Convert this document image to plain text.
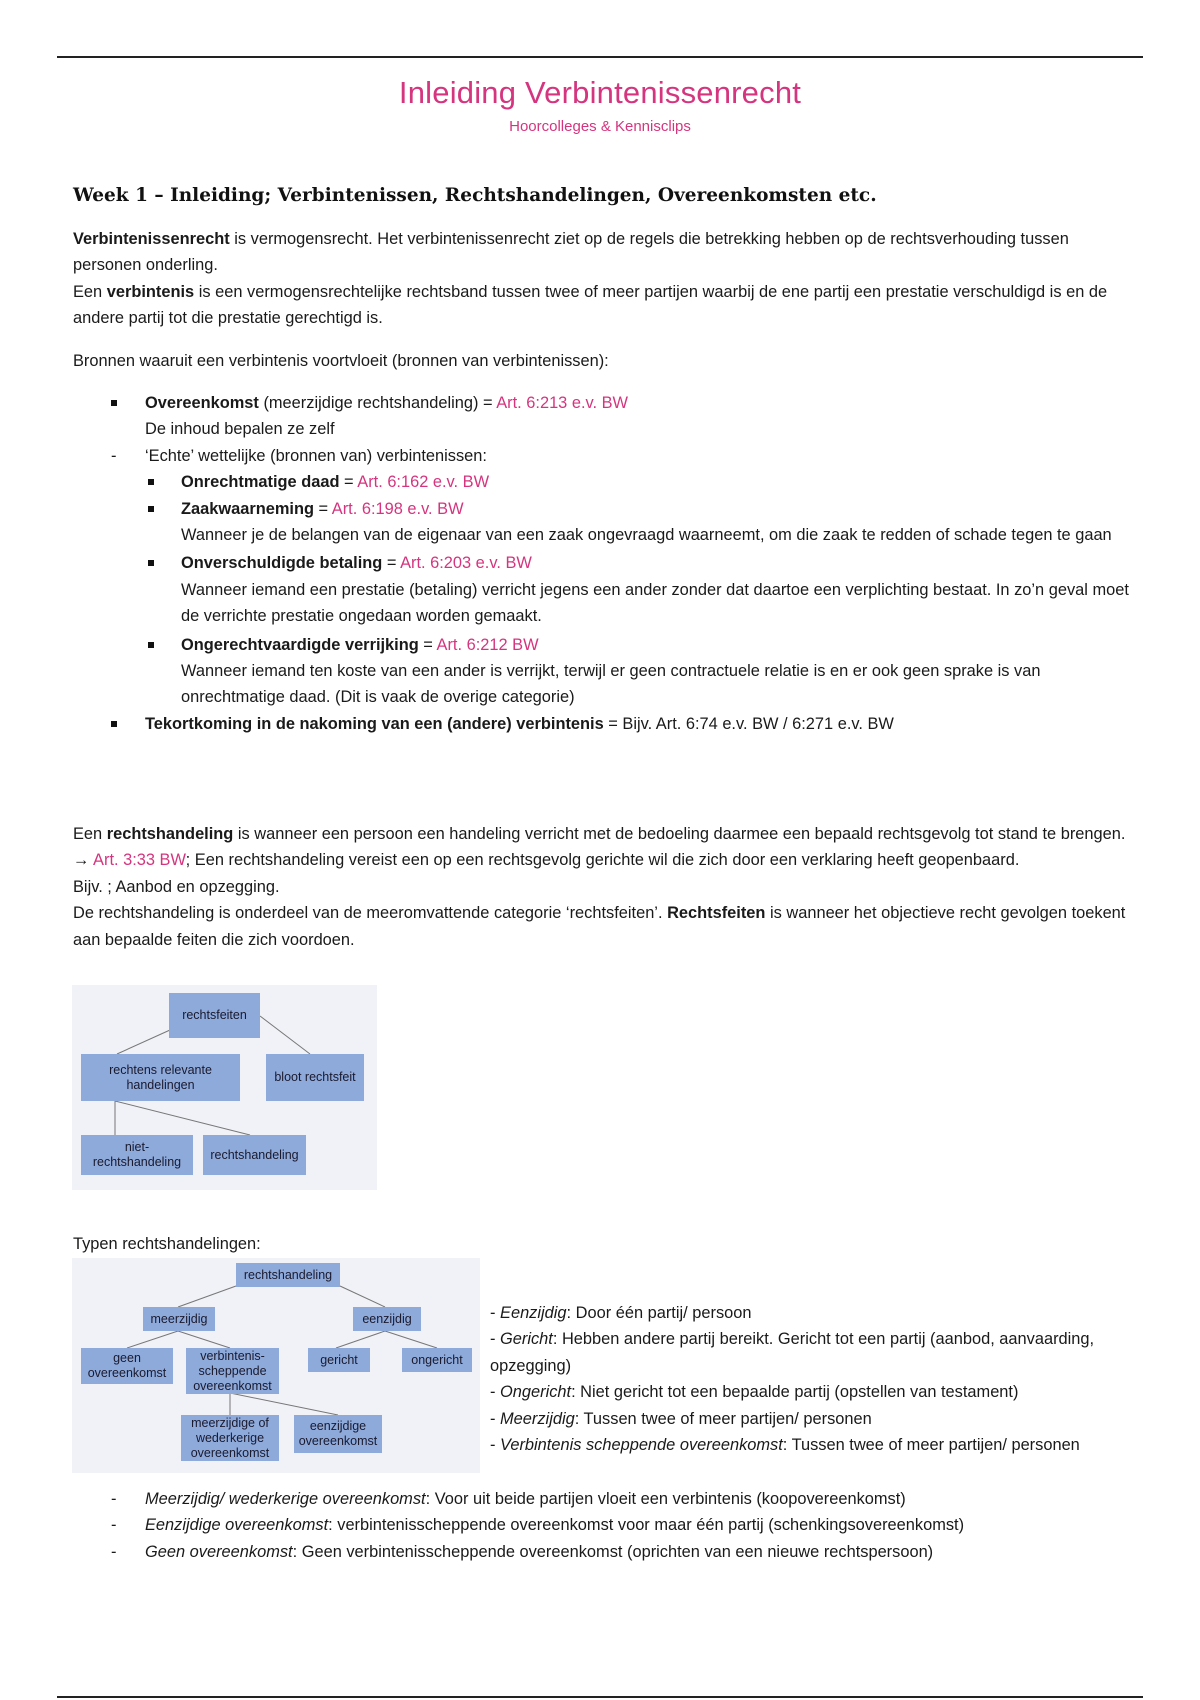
Inleiding Verbintenissenrecht
Hoorcolleges & Kennisclips
Week 1 – Inleiding; Verbintenissen, Rechtshandelingen, Overeenkomsten etc.

Verbintenissenrecht is vermogensrecht. Het verbintenissenrecht ziet op de regels die betrekking hebben op de rechtsverhouding tussen personen onderling.

Een verbintenis is een vermogensrechtelijke rechtsband tussen twee of meer partijen waarbij de ene partij een prestatie verschuldigd is en de andere partij tot die prestatie gerechtigd is.

Bronnen waaruit een verbintenis voortvloeit (bronnen van verbintenissen):

Overeenkomst (meerzijdige rechtshandeling) = Art. 6:213 e.v. BW
De inhoud bepalen ze zelf
- ‘Echte’ wettelijke (bronnen van) verbintenissen:
Onrechtmatige daad = Art. 6:162 e.v. BW
Zaakwaarneming = Art. 6:198 e.v. BW
Wanneer je de belangen van de eigenaar van een zaak ongevraagd waarneemt, om die zaak te redden of schade tegen te gaan
Onverschuldigde betaling = Art. 6:203 e.v. BW
Wanneer iemand een prestatie (betaling) verricht jegens een ander zonder dat daartoe een verplichting bestaat. In zo’n geval moet de verrichte prestatie ongedaan worden gemaakt.
Ongerechtvaardigde verrijking = Art. 6:212 BW
Wanneer iemand ten koste van een ander is verrijkt, terwijl er geen contractuele relatie is en er ook geen sprake is van onrechtmatige daad. (Dit is vaak de overige categorie)
Tekortkoming in de nakoming van een (andere) verbintenis = Bijv. Art. 6:74 e.v. BW / 6:271 e.v. BW

Een rechtshandeling is wanneer een persoon een handeling verricht met de bedoeling daarmee een bepaald rechtsgevolg tot stand te brengen. → Art. 3:33 BW; Een rechtshandeling vereist een op een rechtsgevolg gerichte wil die zich door een verklaring heeft geopenbaard.

Bijv. ; Aanbod en opzegging.

De rechtshandeling is onderdeel van de meeromvattende categorie ‘rechtsfeiten’. Rechtsfeiten is wanneer het objectieve recht gevolgen toekent aan bepaalde feiten die zich voordoen.

rechtsfeiten
rechtens relevante handelingen
bloot rechtsfeit
niet-rechtshandeling
rechtshandeling
Typen rechtshandelingen:
rechtshandeling
meerzijdig	eenzijdig
geen overeenkomst
verbintenis-scheppende overeenkomst
gericht	ongericht
meerzijdige of wederkerige overeenkomst
eenzijdige overeenkomst

- Eenzijdig: Door één partij/ persoon

- Gericht: Hebben andere partij bereikt. Gericht tot een partij (aanbod, aanvaarding, opzegging)

- Ongericht: Niet gericht tot een bepaalde partij (opstellen van testament)

- Meerzijdig: Tussen twee of meer partijen/ personen

- Verbintenis scheppende overeenkomst: Tussen twee of meer partijen/ personen

- Meerzijdig/ wederkerige overeenkomst: Voor uit beide partijen vloeit een verbintenis (koopovereenkomst)
- Eenzijdige overeenkomst: verbintenisscheppende overeenkomst voor maar één partij (schenkingsovereenkomst)
- Geen overeenkomst: Geen verbintenisscheppende overeenkomst (oprichten van een nieuwe rechtspersoon)
